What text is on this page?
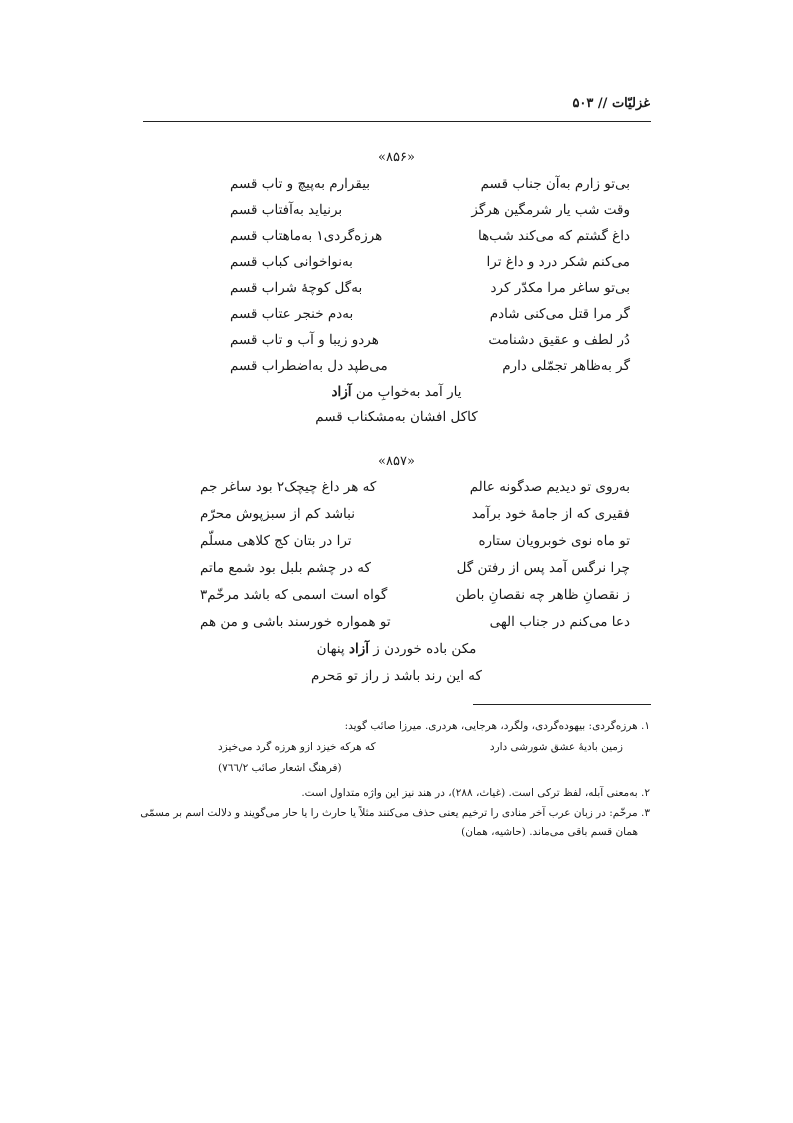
غزلیّات // ۵۰۳
«۸۵۶»
بی‌تو زارم به‌آن جناب قسم
بیقرارم به‌پیچ و تاب قسم
وقت شب یار شرمگین هرگز
برنیاید به‌آفتاب قسم
داغ گشتم که می‌کند شب‌ها
هرزه‌گردی۱ به‌ماهتاب قسم
می‌کنم شکر درد و داغ ترا
به‌نواخوانی کباب قسم
بی‌تو ساغر مرا مکدّر کرد
به‌گل کوچهٔ شراب قسم
گر مرا قتل می‌کنی شادم
به‌دم خنجر عتاب قسم
دُر لطف و عقیق دشنامت
هردو زیبا و آب و تاب قسم
گر به‌ظاهر تجمّلی دارم
می‌طپد دل به‌اضطراب قسم
یار آمد به‌خوابِ من آزاد
کاکل افشان به‌مشکناب قسم
«۸۵۷»
به‌روی تو دیدیم صدگونه عالم
که هر داغ چیچک۲ بود ساغر جم
فقیری که از جامهٔ خود برآمد
نباشد کم از سبزپوش محرّم
تو ماه نوی خوبرویان ستاره
ترا در بتان کج کلاهی مسلّم
چرا نرگس آمد پس از رفتن گل
که در چشم بلبل بود شمع ماتم
ز نقصانِ ظاهر چه نقصانِ باطن
گواه است اسمی که باشد مرخّم۳
دعا می‌کنم در جناب الهی
تو همواره خورسند باشی و من هم
مکن باده خوردن ز آزاد پنهان
که این رند باشد ز راز تو مَحرم
۱. هرزه‌گردی: بیهوده‌گردی، ولگرد، هرجایی، هردری. میرزا صائب گوید:
زمین بادیهٔ عشق شورشی دارد
که هرکه خیزد ازو هرزه گرد می‌خیزد
(فرهنگ اشعار صائب ۷٦٦/۲)
۲. به‌معنی آبله، لفظ ترکی است. (غیاث، ۲۸۸)، در هند نیز این واژه متداول است.
۳. مرخّم: در زبان عرب آخر منادی را ترخیم یعنی حذف می‌کنند مثلاً یا حارث را یا حار می‌گویند و دلالت اسم بر مسمّی
همان قسم باقی می‌ماند. (حاشیه، همان)
